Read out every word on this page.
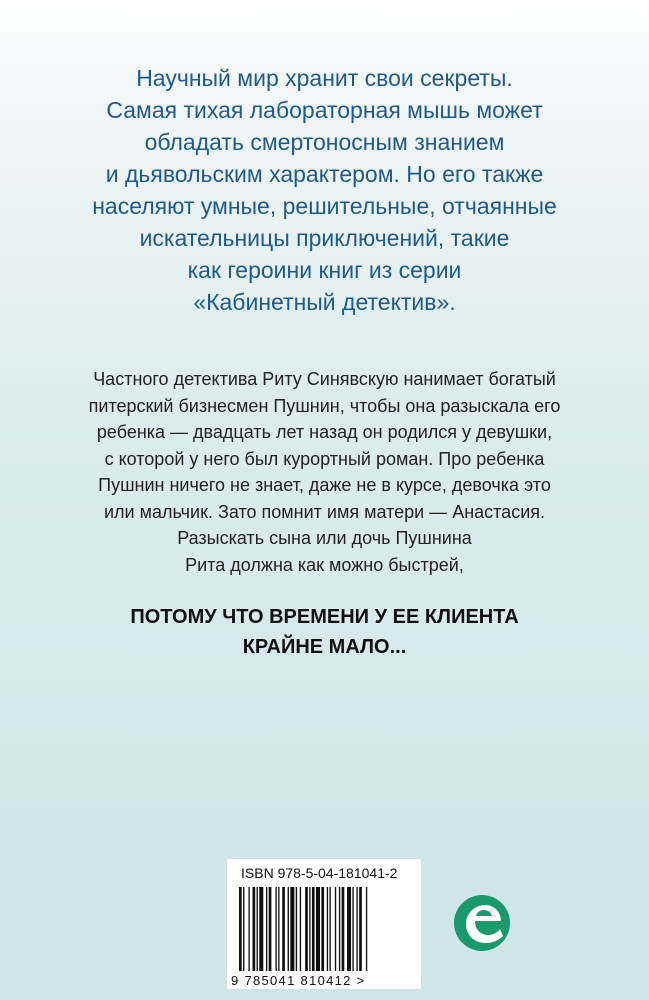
Научный мир хранит свои секреты.
Самая тихая лабораторная мышь может
обладать смертоносным знанием
и дьявольским характером. Но его также
населяют умные, решительные, отчаянные
искательницы приключений, такие
как героини книг из серии
«Кабинетный детектив».
Частного детектива Риту Синявскую нанимает богатый
питерский бизнесмен Пушнин, чтобы она разыскала его
ребенка — двадцать лет назад он родился у девушки,
с которой у него был курортный роман. Про ребенка
Пушнин ничего не знает, даже не в курсе, девочка это
или мальчик. Зато помнит имя матери — Анастасия.
Разыскать сына или дочь Пушнина
Рита должна как можно быстрей,
ПОТОМУ ЧТО ВРЕМЕНИ У ЕЕ КЛИЕНТА
КРАЙНЕ МАЛО...
ISBN 978-5-04-181041-2
9 785041 810412 >
